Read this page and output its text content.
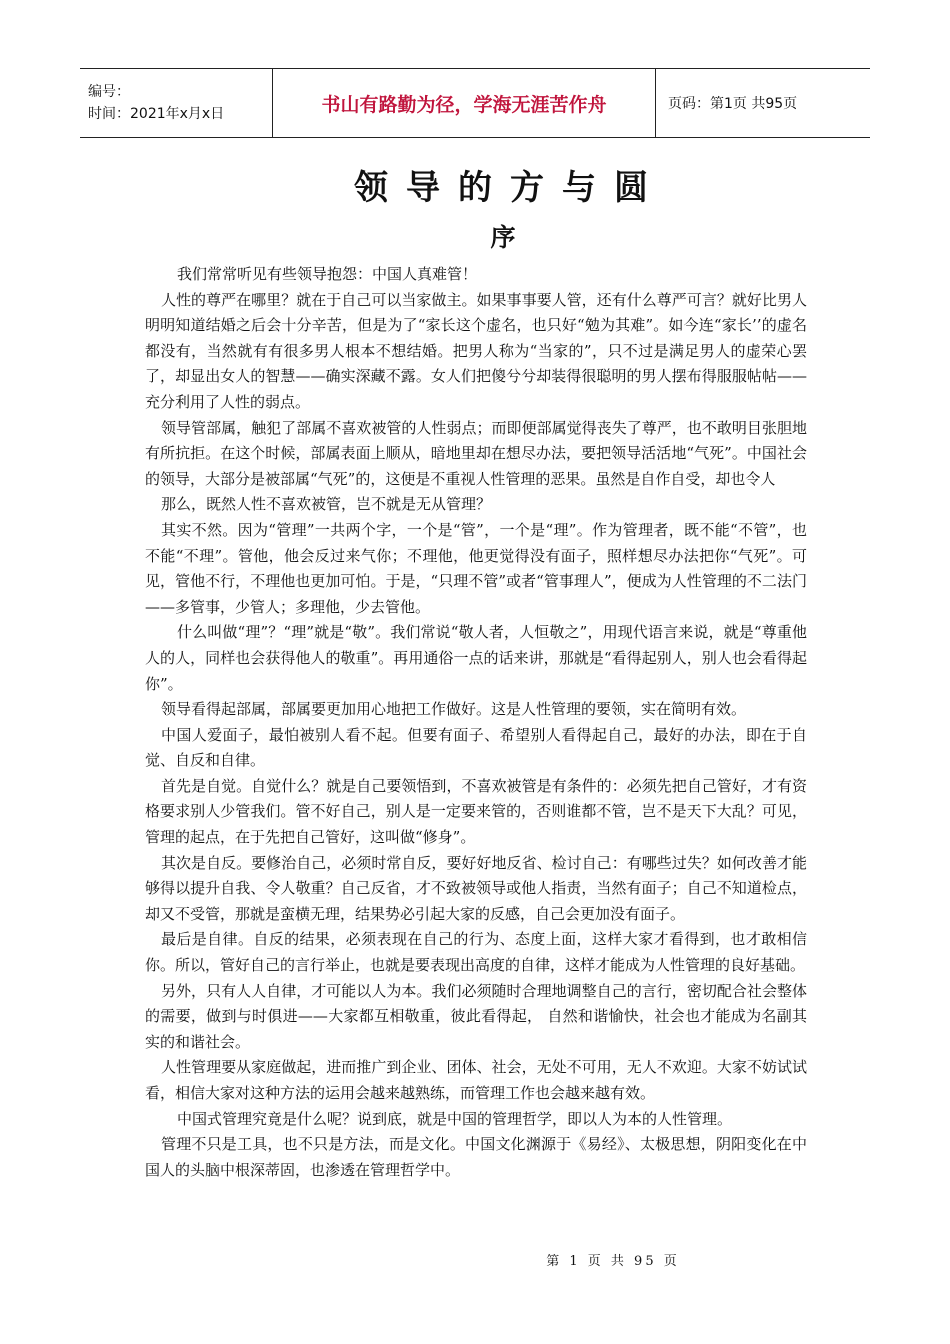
编号：
时间：2021年x月x日	书山有路勤为径，学海无涯苦作舟	页码：第1页 共95页
领导的方与圆
序

我们常常听见有些领导抱怨：中国人真难管！

人性的尊严在哪里？就在于自己可以当家做主。如果事事要人管，还有什么尊严可言？就好比男人明明知道结婚之后会十分辛苦，但是为了“家长这个虚名，也只好“勉为其难”。如今连“家长’’的虚名都没有，当然就有有很多男人根本不想结婚。把男人称为“当家的”，只不过是满足男人的虚荣心罢了，却显出女人的智慧——确实深藏不露。女人们把傻兮兮却装得很聪明的男人摆布得服服帖帖——充分利用了人性的弱点。

领导管部属，触犯了部属不喜欢被管的人性弱点；而即便部属觉得丧失了尊严，也不敢明目张胆地有所抗拒。在这个时候，部属表面上顺从，暗地里却在想尽办法，要把领导活活地“气死”。中国社会的领导，大部分是被部属“气死”的，这便是不重视人性管理的恶果。虽然是自作自受，却也令人

那么，既然人性不喜欢被管，岂不就是无从管理？

其实不然。因为“管理”一共两个字，一个是“管”，一个是“理”。作为管理者，既不能“不管”，也不能“不理”。管他，他会反过来气你；不理他，他更觉得没有面子，照样想尽办法把你“气死”。可见，管他不行，不理他也更加可怕。于是，“只理不管”或者“管事理人”，便成为人性管理的不二法门——多管事，少管人；多理他，少去管他。

什么叫做“理”？“理”就是“敬”。我们常说“敬人者，人恒敬之”，用现代语言来说，就是“尊重他人的人，同样也会获得他人的敬重”。再用通俗一点的话来讲，那就是“看得起别人，别人也会看得起你”。

领导看得起部属，部属要更加用心地把工作做好。这是人性管理的要领，实在简明有效。

中国人爱面子，最怕被别人看不起。但要有面子、希望别人看得起自己，最好的办法，即在于自觉、自反和自律。

首先是自觉。自觉什么？就是自己要领悟到，不喜欢被管是有条件的：必须先把自己管好，才有资格要求别人少管我们。管不好自己，别人是一定要来管的，否则谁都不管，岂不是天下大乱？可见，管理的起点，在于先把自己管好，这叫做“修身”。

其次是自反。要修治自己，必须时常自反，要好好地反省、检讨自己：有哪些过失？如何改善才能够得以提升自我、令人敬重？自己反省，才不致被领导或他人指责，当然有面子；自己不知道检点，却又不受管，那就是蛮横无理，结果势必引起大家的反感，自己会更加没有面子。

最后是自律。自反的结果，必须表现在自己的行为、态度上面，这样大家才看得到，也才敢相信你。所以，管好自己的言行举止，也就是要表现出高度的自律，这样才能成为人性管理的良好基础。

另外，只有人人自律，才可能以人为本。我们必须随时合理地调整自己的言行，密切配合社会整体的需要，做到与时俱进——大家都互相敬重，彼此看得起， 自然和谐愉快，社会也才能成为名副其实的和谐社会。

人性管理要从家庭做起，进而推广到企业、团体、社会，无处不可用，无人不欢迎。大家不妨试试看，相信大家对这种方法的运用会越来越熟练，而管理工作也会越来越有效。

中国式管理究竟是什么呢？说到底，就是中国的管理哲学，即以人为本的人性管理。

管理不只是工具，也不只是方法，而是文化。中国文化渊源于《易经》、太极思想，阴阳变化在中国人的头脑中根深蒂固，也渗透在管理哲学中。

第 1 页 共 95 页
